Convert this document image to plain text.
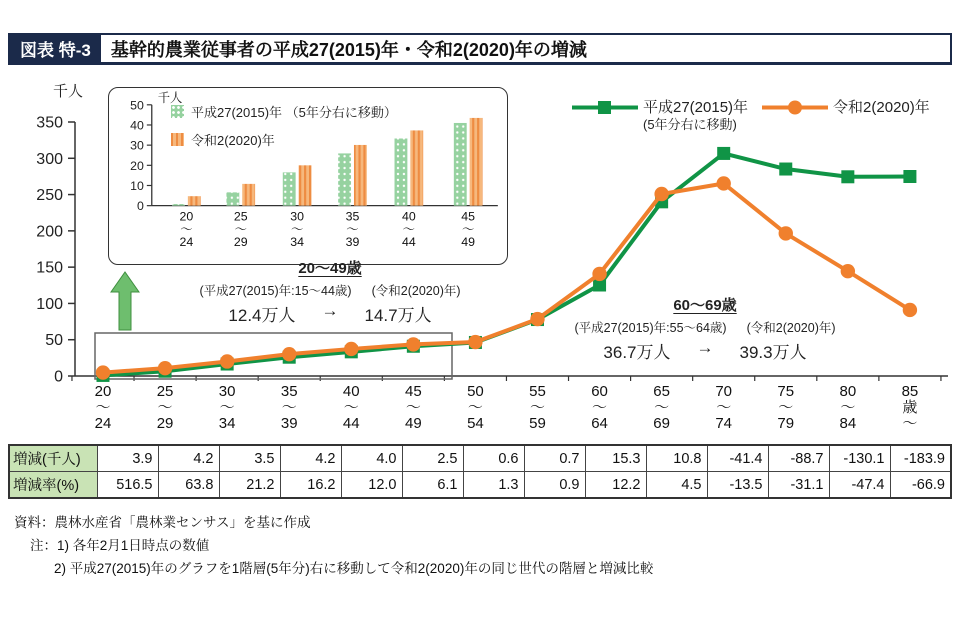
図表 特-3	基幹的農業従事者の平成27(2015)年・令和2(2020)年の増減
千人
0
50
100
150
200
250
300
350
20 ～ 24
25 ～ 29
30 ～ 34
35 ～ 39
40 ～ 44
45 ～ 49
50 ～ 54
55 ～ 59
60 ～ 64
65 ～ 69
70 ～ 74
75 ～ 79
80 ～ 84
85 歳～
平成27(2015)年
(5年分右に移動)
令和2(2020)年
千人
0
10
20
30
40
50
20 ～ 24
25 ～ 29
30 ～ 34
35 ～ 39
40 ～ 44
45 ～ 49
平成27(2015)年 （5年分右に移動）
令和2(2020)年
20～49歳
(平成27(2015)年:15～44歳) (令和2(2020)年)
12.4万人 → 14.7万人
60～69歳
(平成27(2015)年:55～64歳) (令和2(2020)年)
36.7万人 → 39.3万人
増減(千人)	3.9	4.2	3.5	4.2	4.0	2.5	0.6	0.7	15.3	10.8	-41.4	-88.7	-130.1	-183.9
増減率(%)	516.5	63.8	21.2	16.2	12.0	6.1	1.3	0.9	12.2	4.5	-13.5	-31.1	-47.4	-66.9
資料：農林水産省「農林業センサス」を基に作成
注：1) 各年2月1日時点の数値
2) 平成27(2015)年のグラフを1階層(5年分)右に移動して令和2(2020)年の同じ世代の階層と増減比較
